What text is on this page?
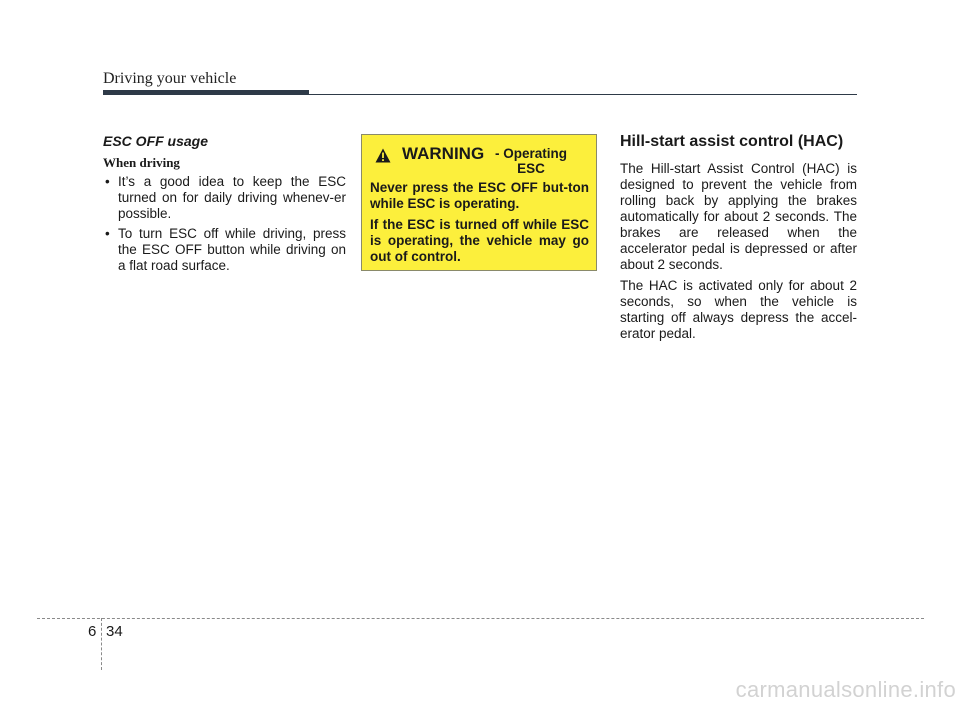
Driving your vehicle
ESC OFF usage
When driving
• It’s a good idea to keep the ESC turned on for daily driving whenev-er possible.
• To turn ESC off while driving, press the ESC OFF button while driving on a flat road surface.
WARNING - Operating ESC

Never press the ESC OFF but-ton while ESC is operating.

If the ESC is turned off while ESC is operating, the vehicle may go out of control.

Hill-start assist control (HAC)

The Hill-start Assist Control (HAC) is designed to prevent the vehicle from rolling back by applying the brakes automatically for about 2 seconds. The brakes are released when the accelerator pedal is depressed or after about 2 seconds.

The HAC is activated only for about 2 seconds, so when the vehicle is starting off always depress the accel-erator pedal.

6 34
carmanualsonline.info
